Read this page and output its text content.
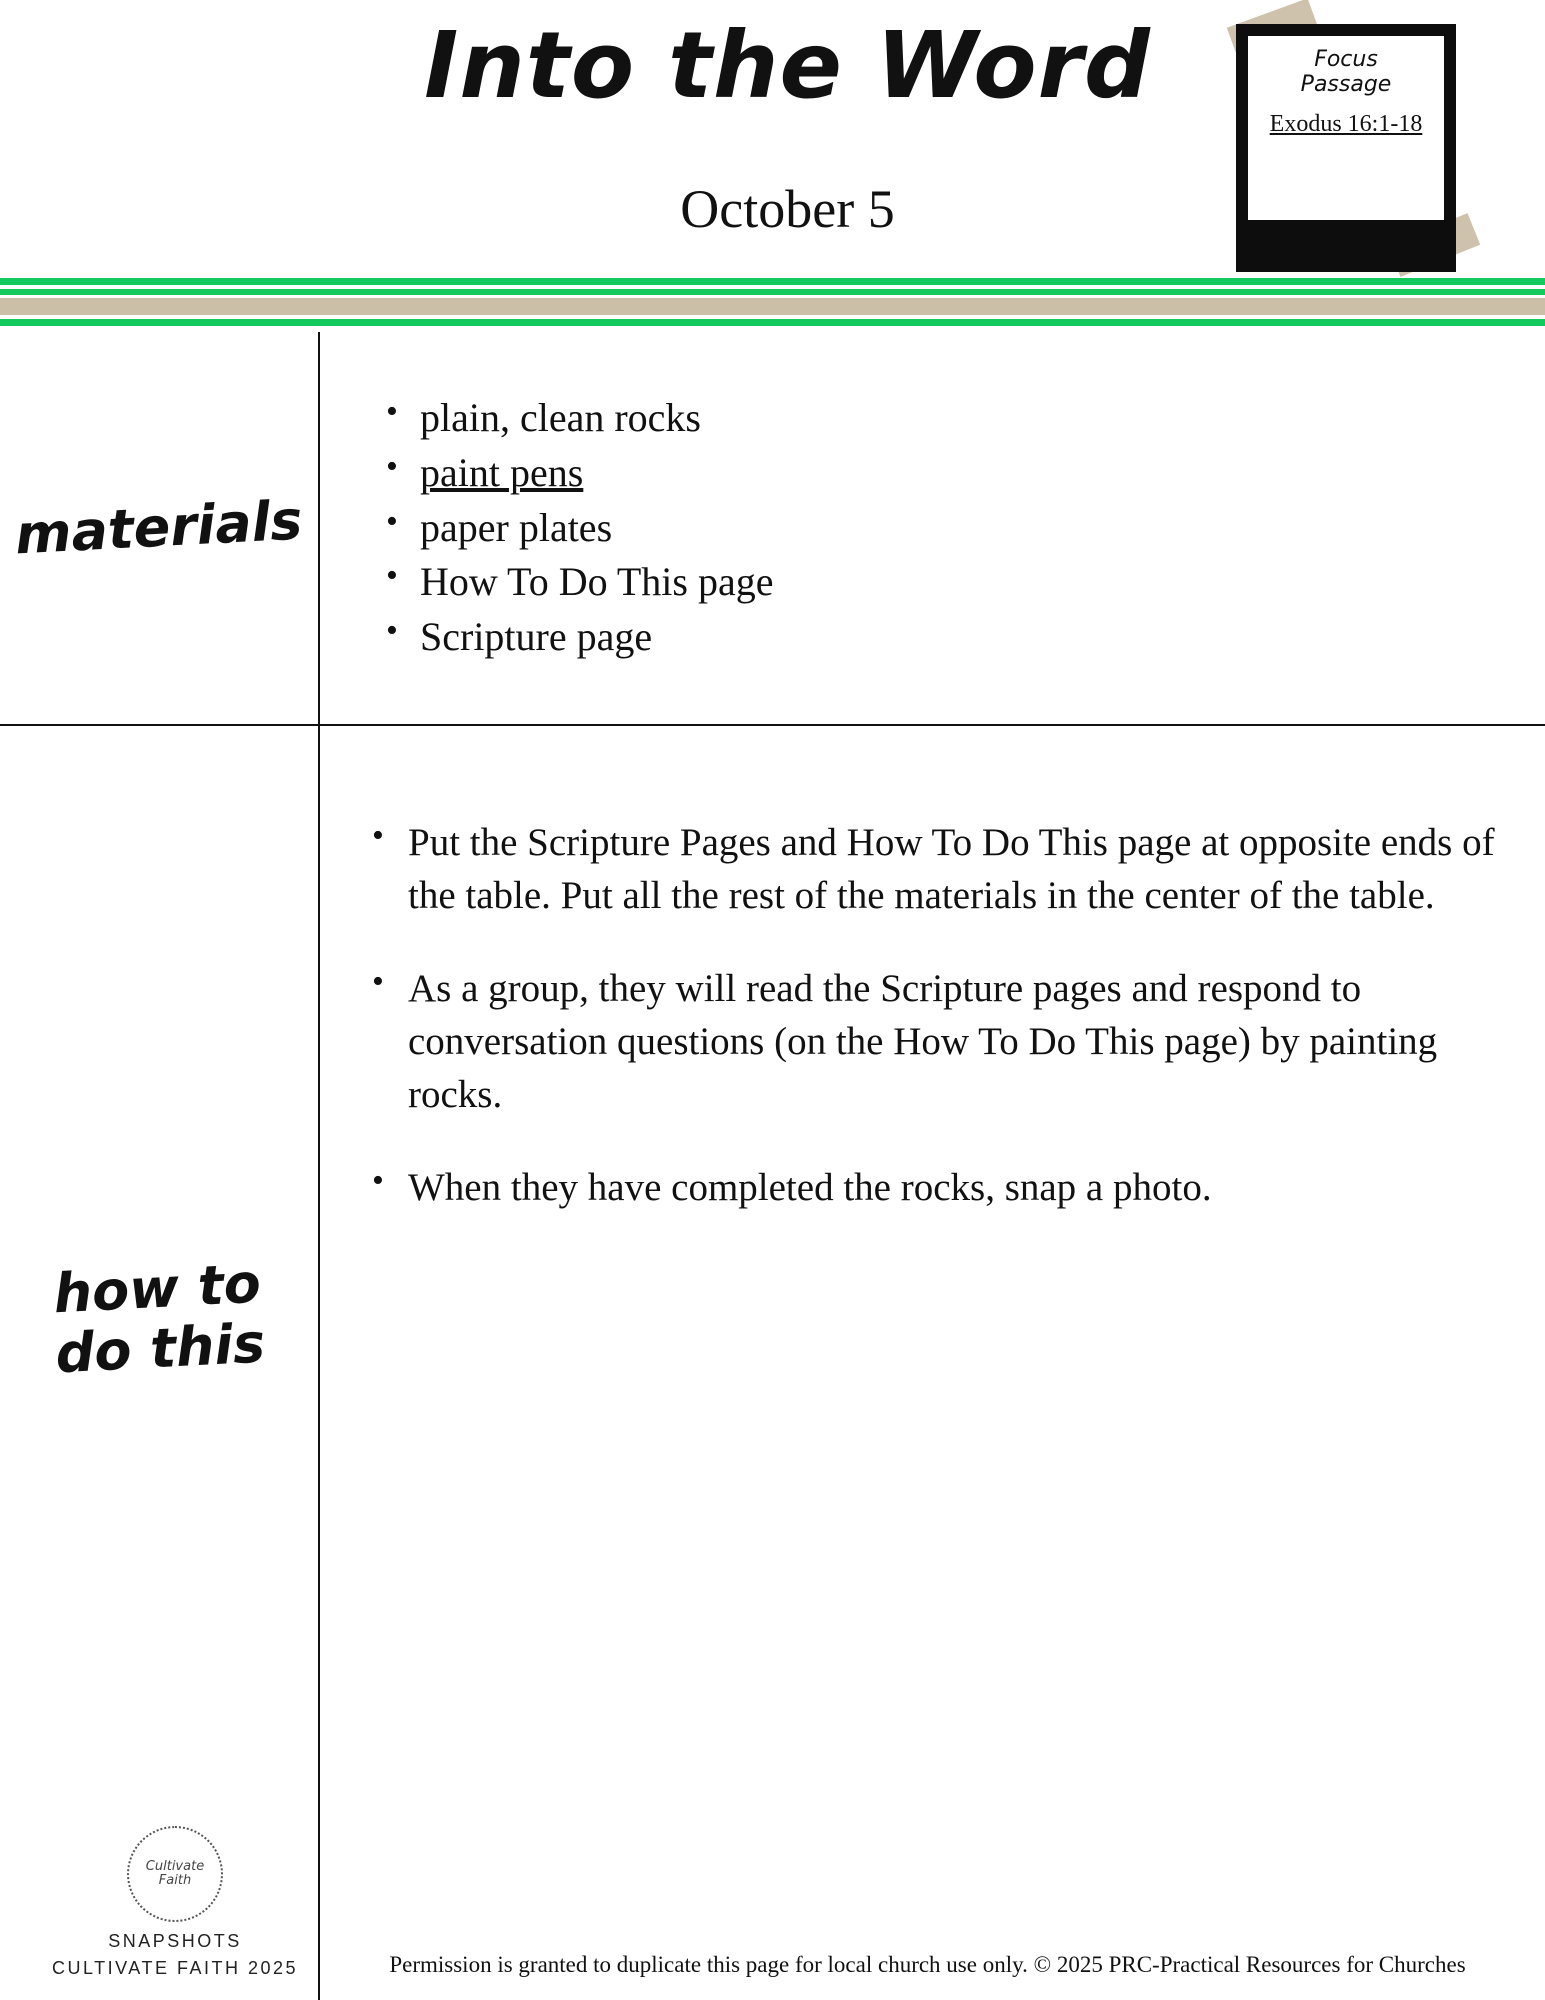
Into the Word
October 5
Focus
Passage
Exodus 16:1-18
materials
• plain, clean rocks
• paint pens
• paper plates
• How To Do This page
• Scripture page
how to
do this
• Put the Scripture Pages and How To Do This page at opposite ends of the table. Put all the rest of the materials in the center of the table.
• As a group, they will read the Scripture pages and respond to conversation questions (on the How To Do This page) by painting rocks.
• When they have completed the rocks, snap a photo.
Cultivate Faith
SNAPSHOTS
CULTIVATE FAITH 2025	Permission is granted to duplicate this page for local church use only. © 2025 PRC-Practical Resources for Churches
